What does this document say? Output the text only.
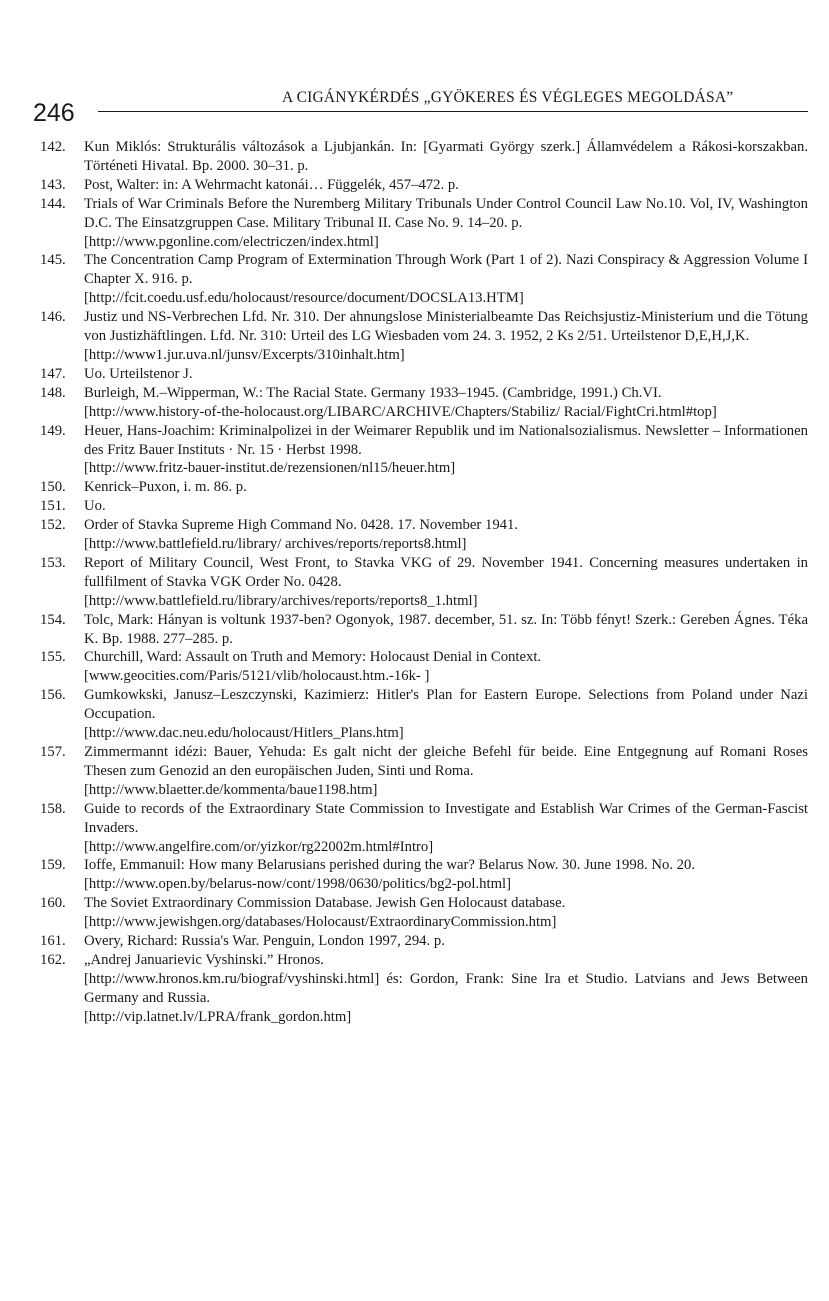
246
A CIGÁNYKÉRDÉS „GYÖKERES ÉS VÉGLEGES MEGOLDÁSA”
142. Kun Miklós: Strukturális változások a Ljubjankán. In: [Gyarmati György szerk.] Államvédelem a Rákosi-korszakban. Történeti Hivatal. Bp. 2000. 30–31. p.
143. Post, Walter: in: A Wehrmacht katonái… Függelék, 457–472. p.
144. Trials of War Criminals Before the Nuremberg Military Tribunals Under Control Council Law No.10. Vol, IV, Washington D.C. The Einsatzgruppen Case. Military Tribunal II. Case No. 9. 14–20. p.
[http://www.pgonline.com/electriczen/index.html]
145. The Concentration Camp Program of Extermination Through Work (Part 1 of 2). Nazi Conspiracy & Aggression Volume I Chapter X. 916. p.
[http://fcit.coedu.usf.edu/holocaust/resource/document/DOCSLA13.HTM]
146. Justiz und NS-Verbrechen Lfd. Nr. 310. Der ahnungslose Ministerialbeamte Das Reichsjustiz-Ministerium und die Tötung von Justizhäftlingen. Lfd. Nr. 310: Urteil des LG Wiesbaden vom 24. 3. 1952, 2 Ks 2/51. Urteilstenor D,E,H,J,K.
[http://www1.jur.uva.nl/junsv/Excerpts/310inhalt.htm]
147. Uo. Urteilstenor J.
148. Burleigh, M.–Wipperman, W.: The Racial State. Germany 1933–1945. (Cambridge, 1991.) Ch.VI.
[http://www.history-of-the-holocaust.org/LIBARC/ARCHIVE/Chapters/Stabiliz/ Racial/FightCri.html#top]
149. Heuer, Hans-Joachim: Kriminalpolizei in der Weimarer Republik und im Nationalsozialismus. Newsletter – Informationen des Fritz Bauer Instituts · Nr. 15 · Herbst 1998.
[http://www.fritz-bauer-institut.de/rezensionen/nl15/heuer.htm]
150. Kenrick–Puxon, i. m. 86. p.
151. Uo.
152. Order of Stavka Supreme High Command No. 0428. 17. November 1941.
[http://www.battlefield.ru/library/ archives/reports/reports8.html]
153. Report of Military Council, West Front, to Stavka VKG of 29. November 1941. Concerning measures undertaken in fullfilment of Stavka VGK Order No. 0428.
[http://www.battlefield.ru/library/archives/reports/reports8_1.html]
154. Tolc, Mark: Hányan is voltunk 1937-ben? Ogonyok, 1987. december, 51. sz. In: Több fényt! Szerk.: Gereben Ágnes. Téka K. Bp. 1988. 277–285. p.
155. Churchill, Ward: Assault on Truth and Memory: Holocaust Denial in Context.
[www.geocities.com/Paris/5121/vlib/holocaust.htm.-16k- ]
156. Gumkowkski, Janusz–Leszczynski, Kazimierz: Hitler's Plan for Eastern Europe. Selections from Poland under Nazi Occupation.
[http://www.dac.neu.edu/holocaust/Hitlers_Plans.htm]
157. Zimmermannt idézi: Bauer, Yehuda: Es galt nicht der gleiche Befehl für beide. Eine Entgegnung auf Romani Roses Thesen zum Genozid an den europäischen Juden, Sinti und Roma.
[http://www.blaetter.de/kommenta/baue1198.htm]
158. Guide to records of the Extraordinary State Commission to Investigate and Establish War Crimes of the German-Fascist Invaders.
[http://www.angelfire.com/or/yizkor/rg22002m.html#Intro]
159. Ioffe, Emmanuil: How many Belarusians perished during the war? Belarus Now. 30. June 1998. No. 20.
[http://www.open.by/belarus-now/cont/1998/0630/politics/bg2-pol.html]
160. The Soviet Extraordinary Commission Database. Jewish Gen Holocaust database.
[http://www.jewishgen.org/databases/Holocaust/ExtraordinaryCommission.htm]
161. Overy, Richard: Russia's War. Penguin, London 1997, 294. p.
162. „Andrej Januarievic Vyshinski.” Hronos.
[http://www.hronos.km.ru/biograf/vyshinski.html] és: Gordon, Frank: Sine Ira et Studio. Latvians and Jews Between Germany and Russia.
[http://vip.latnet.lv/LPRA/frank_gordon.htm]
